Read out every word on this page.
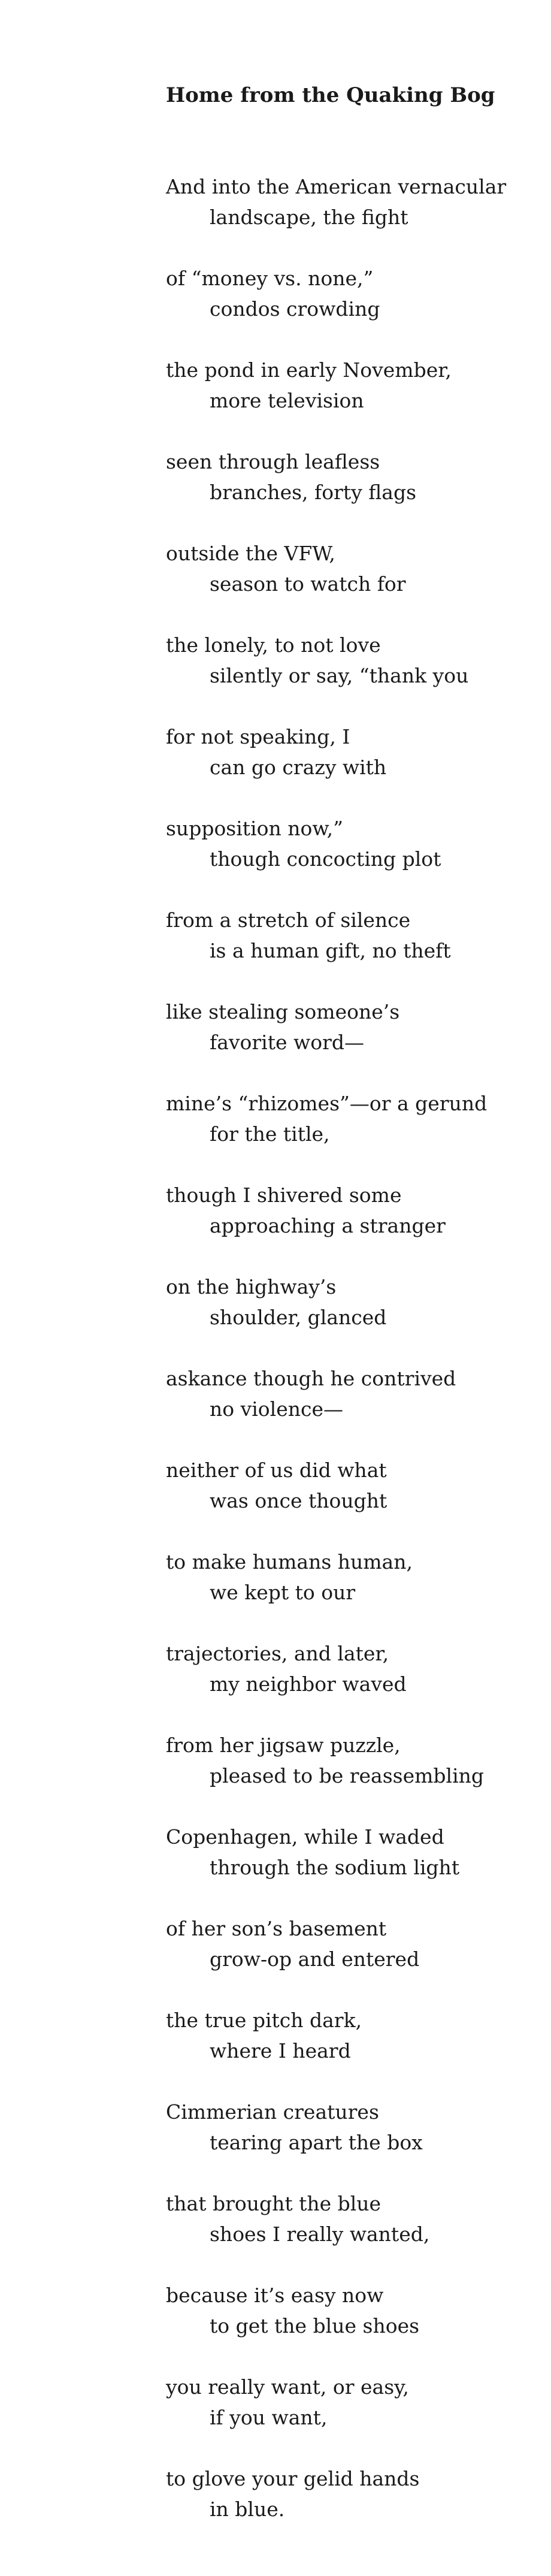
Home from the Quaking Bog

And into the American vernacular
landscape, the fight

of “money vs. none,”
condos crowding

the pond in early November,
more television

seen through leafless
branches, forty flags

outside the VFW,
season to watch for

the lonely, to not love
silently or say, “thank you

for not speaking, I
can go crazy with

supposition now,”
though concocting plot

from a stretch of silence
is a human gift, no theft

like stealing someone’s
favorite word—

mine’s “rhizomes”—or a gerund
for the title,

though I shivered some
approaching a stranger

on the highway’s
shoulder, glanced

askance though he contrived
no violence—

neither of us did what
was once thought

to make humans human,
we kept to our

trajectories, and later,
my neighbor waved

from her jigsaw puzzle,
pleased to be reassembling

Copenhagen, while I waded
through the sodium light

of her son’s basement
grow-op and entered

the true pitch dark,
where I heard

Cimmerian creatures
tearing apart the box

that brought the blue
shoes I really wanted,

because it’s easy now
to get the blue shoes

you really want, or easy,
if you want,

to glove your gelid hands
in blue.
